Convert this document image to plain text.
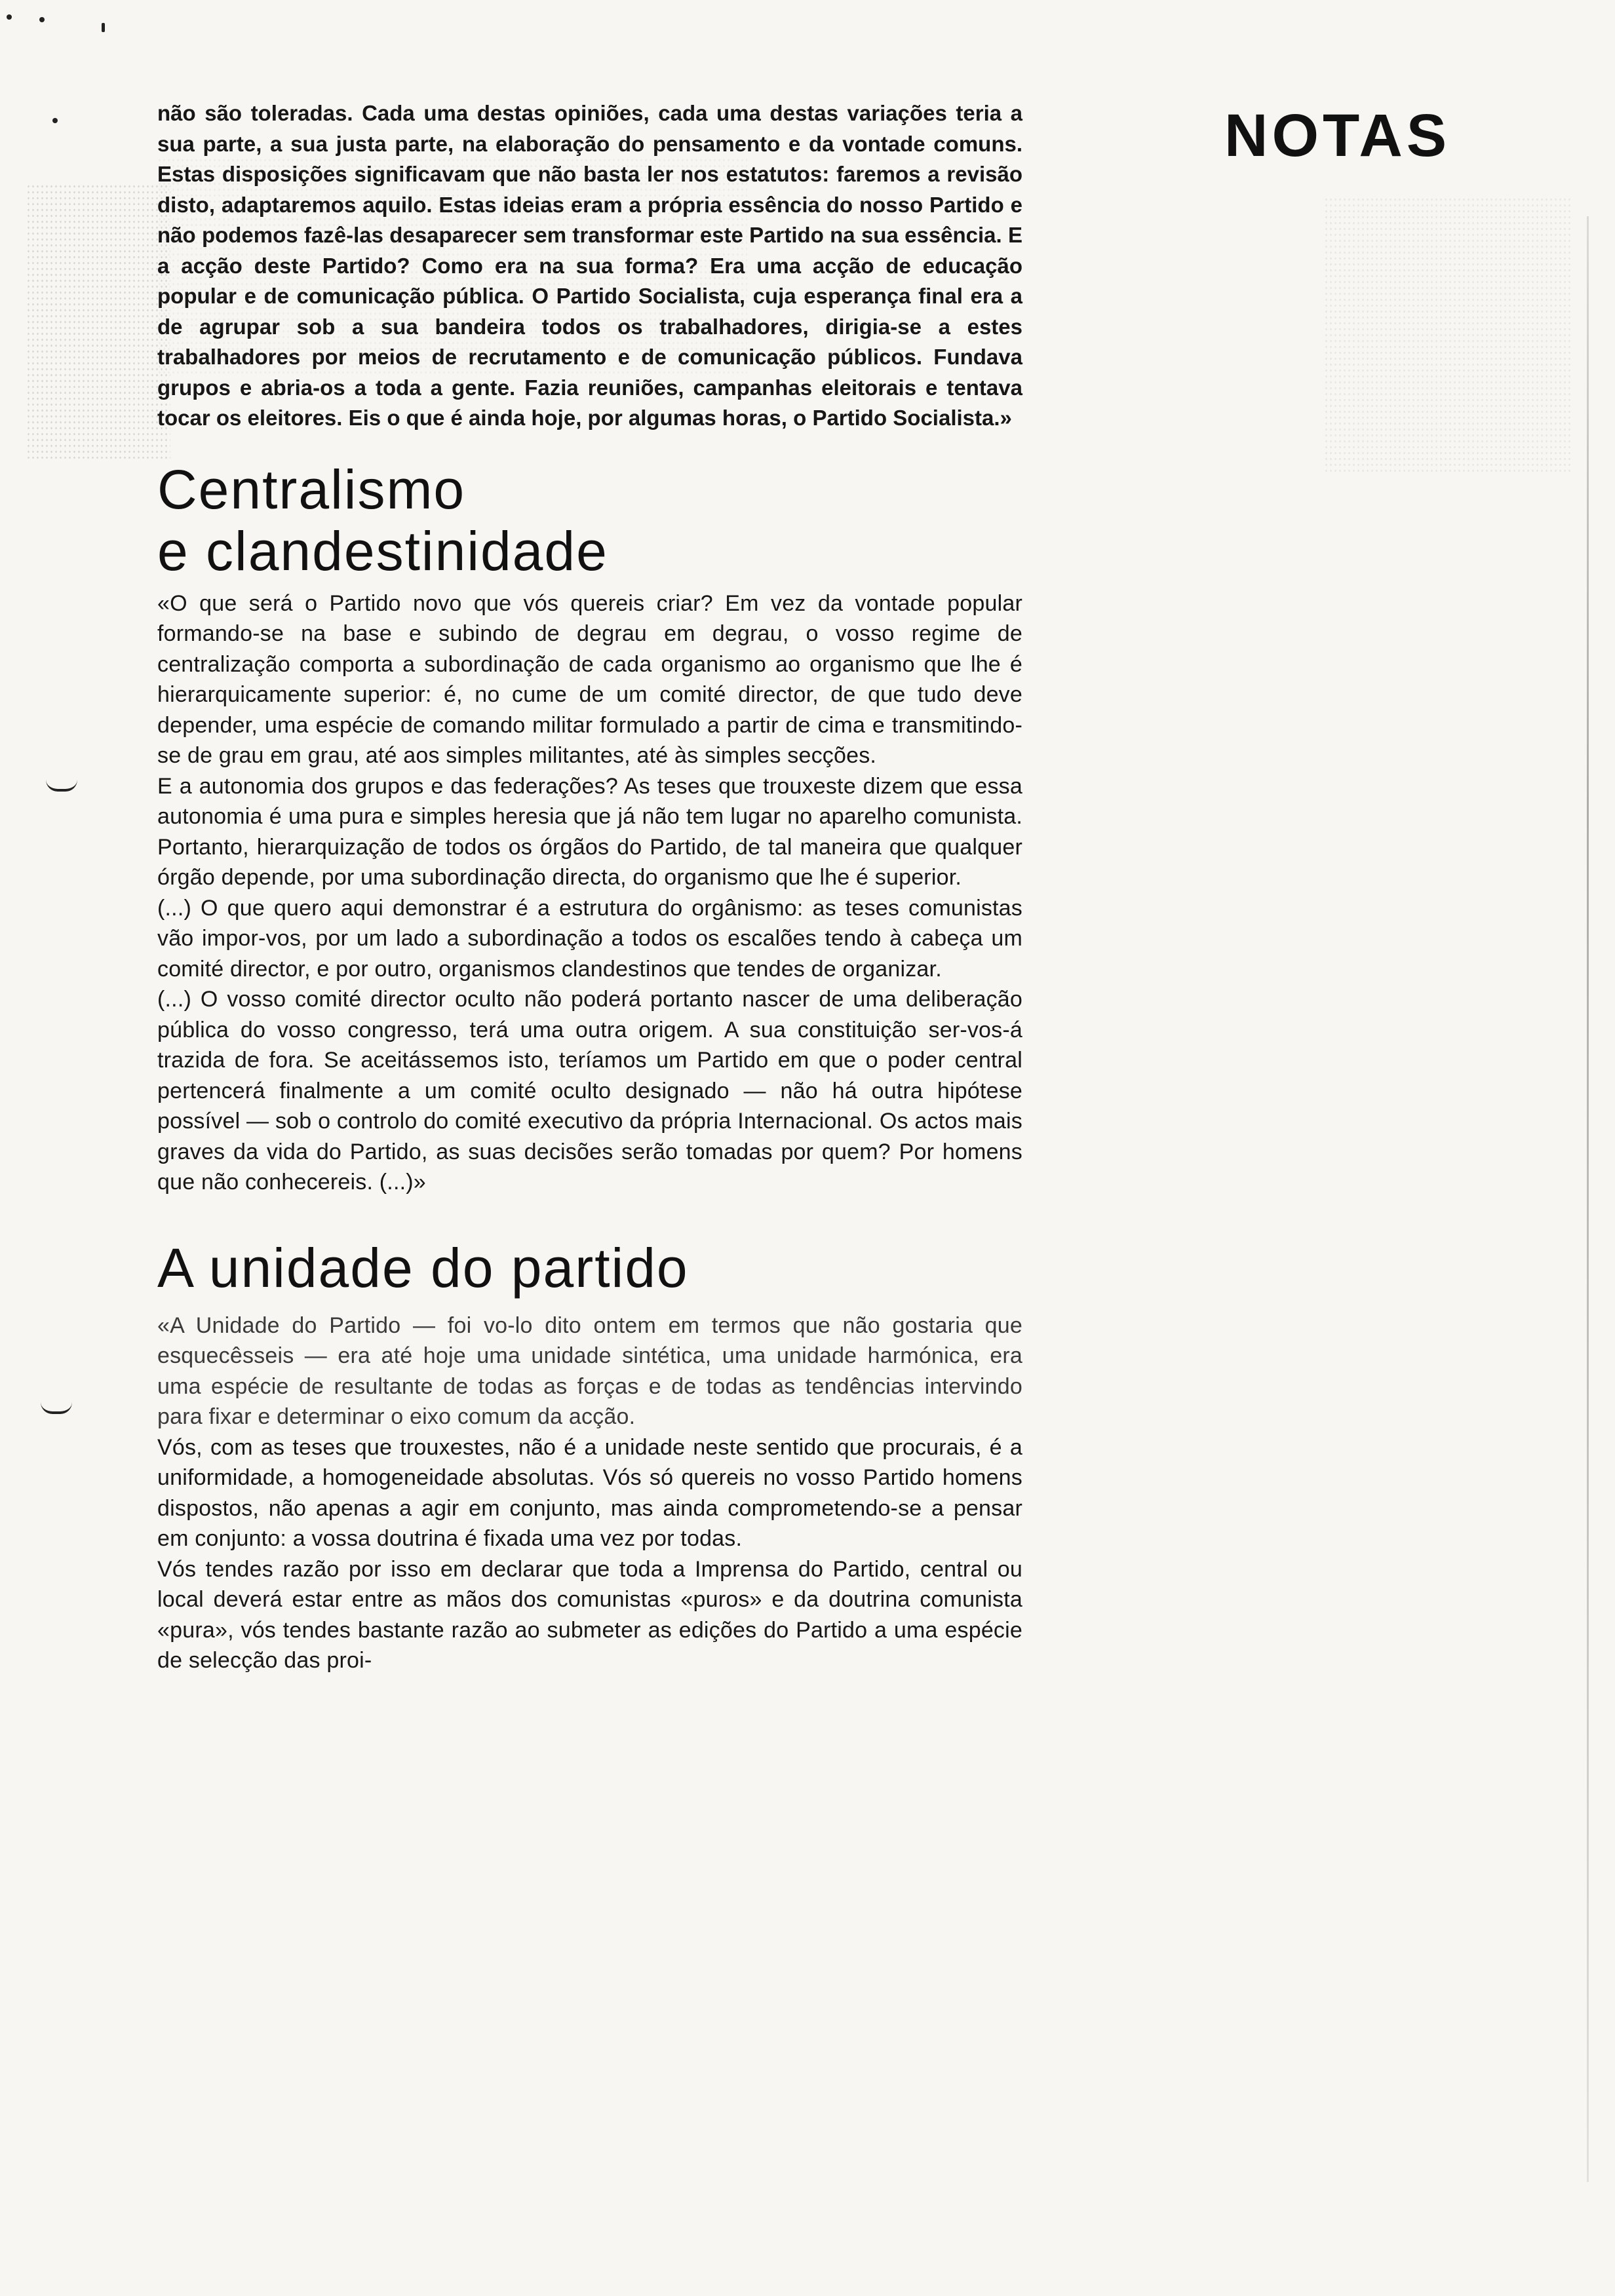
NOTAS

não são toleradas. Cada uma destas opiniões, cada uma destas variações teria a sua parte, a sua justa parte, na elaboração do pensamento e da vontade comuns. Estas disposições significavam que não basta ler nos estatutos: faremos a revisão disto, adaptaremos aquilo. Estas ideias eram a própria essência do nosso Partido e não podemos fazê-las desaparecer sem transformar este Partido na sua essência. E a acção deste Partido? Como era na sua forma? Era uma acção de educação popular e de comunicação pública. O Partido Socialista, cuja esperança final era a de agrupar sob a sua bandeira todos os trabalhadores, dirigia-se a estes trabalhadores por meios de recrutamento e de comunicação públicos. Fundava grupos e abria-os a toda a gente. Fazia reuniões, campanhas eleitorais e tentava tocar os eleitores. Eis o que é ainda hoje, por algumas horas, o Partido Socialista.»

Centralismo
e clandestinidade

«O que será o Partido novo que vós quereis criar? Em vez da vontade popular formando-se na base e subindo de degrau em degrau, o vosso regime de centralização comporta a subordinação de cada organismo ao organismo que lhe é hierarquicamente superior: é, no cume de um comité director, de que tudo deve depender, uma espécie de comando militar formulado a partir de cima e transmitindo-se de grau em grau, até aos simples militantes, até às simples secções.

E a autonomia dos grupos e das federações? As teses que trouxeste dizem que essa autonomia é uma pura e simples heresia que já não tem lugar no aparelho comunista. Portanto, hierarquização de todos os órgãos do Partido, de tal maneira que qualquer órgão depende, por uma subordinação directa, do organismo que lhe é superior.

(...) O que quero aqui demonstrar é a estrutura do orgânismo: as teses comunistas vão impor-vos, por um lado a subordinação a todos os escalões tendo à cabeça um comité director, e por outro, organismos clandestinos que tendes de organizar.

(...) O vosso comité director oculto não poderá portanto nascer de uma deliberação pública do vosso congresso, terá uma outra origem. A sua constituição ser-vos-á trazida de fora. Se aceitássemos isto, teríamos um Partido em que o poder central pertencerá finalmente a um comité oculto designado — não há outra hipótese possível — sob o controlo do comité executivo da própria Internacional. Os actos mais graves da vida do Partido, as suas decisões serão tomadas por quem? Por homens que não conhecereis. (...)»

A unidade do partido

«A Unidade do Partido — foi vo-lo dito ontem em termos que não gostaria que esquecêsseis — era até hoje uma unidade sintética, uma unidade harmónica, era uma espécie de resultante de todas as forças e de todas as tendências intervindo para fixar e determinar o eixo comum da acção.

Vós, com as teses que trouxestes, não é a unidade neste sentido que procurais, é a uniformidade, a homogeneidade absolutas. Vós só quereis no vosso Partido homens dispostos, não apenas a agir em conjunto, mas ainda comprometendo-se a pensar em conjunto: a vossa doutrina é fixada uma vez por todas.

Vós tendes razão por isso em declarar que toda a Imprensa do Partido, central ou local deverá estar entre as mãos dos comunistas «puros» e da doutrina comunista «pura», vós tendes bastante razão ao submeter as edições do Partido a uma espécie de selecção das proi-
